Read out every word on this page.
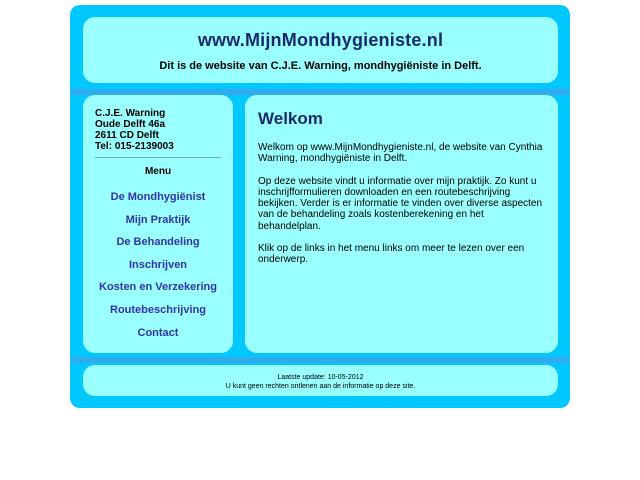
www.MijnMondhygieniste.nl
Dit is de website van C.J.E. Warning, mondhygiëniste in Delft.
C.J.E. Warning
Oude Delft 46a
2611 CD Delft
Tel: 015-2139003
Menu
De Mondhygiënist
Mijn Praktijk
De Behandeling
Inschrijven
Kosten en Verzekering
Routebeschrijving
Contact
Welkom

Welkom op www.MijnMondhygieniste.nl, de website van Cynthia Warning, mondhygiëniste in Delft.

Op deze website vindt u informatie over mijn praktijk. Zo kunt u inschrijfformulieren downloaden en een routebeschrijving bekijken. Verder is er informatie te vinden over diverse aspecten van de behandeling zoals kostenberekening en het behandelplan.

Klik op de links in het menu links om meer te lezen over een onderwerp.

Laatste update: 10-05-2012
U kunt geen rechten ontlenen aan de informatie op deze site.
